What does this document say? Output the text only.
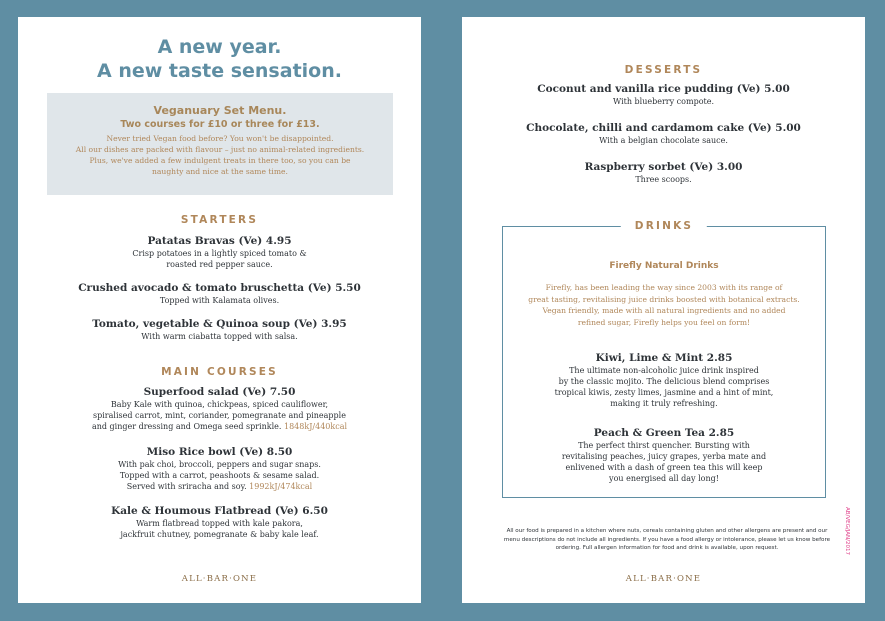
A new year.
A new taste sensation.
Veganuary Set Menu.
Two courses for £10 or three for £13.
Never tried Vegan food before? You won't be disappointed.
All our dishes are packed with flavour – just no animal-related ingredients.
Plus, we've added a few indulgent treats in there too, so you can be
naughty and nice at the same time.
STARTERS
Patatas Bravas (Ve) 4.95
Crisp potatoes in a lightly spiced tomato &
roasted red pepper sauce.
Crushed avocado & tomato bruschetta (Ve) 5.50
Topped with Kalamata olives.
Tomato, vegetable & Quinoa soup (Ve) 3.95
With warm ciabatta topped with salsa.
MAIN COURSES
Superfood salad (Ve) 7.50
Baby Kale with quinoa, chickpeas, spiced cauliflower,
spiralised carrot, mint, coriander, pomegranate and pineapple
and ginger dressing and Omega seed sprinkle. 1848kJ/440kcal
Miso Rice bowl (Ve) 8.50
With pak choi, broccoli, peppers and sugar snaps.
Topped with a carrot, peashoots & sesame salad.
Served with sriracha and soy. 1992kJ/474kcal
Kale & Houmous Flatbread (Ve) 6.50
Warm flatbread topped with kale pakora,
jackfruit chutney, pomegranate & baby kale leaf.
ALL·BAR·ONE
DESSERTS
Coconut and vanilla rice pudding (Ve) 5.00
With blueberry compote.
Chocolate, chilli and cardamom cake (Ve) 5.00
With a belgian chocolate sauce.
Raspberry sorbet (Ve) 3.00
Three scoops.
DRINKS
Firefly Natural Drinks
Firefly, has been leading the way since 2003 with its range of
great tasting, revitalising juice drinks boosted with botanical extracts.
Vegan friendly, made with all natural ingredients and no added
refined sugar, Firefly helps you feel on form!
Kiwi, Lime & Mint 2.85
The ultimate non-alcoholic juice drink inspired
by the classic mojito. The delicious blend comprises
tropical kiwis, zesty limes, jasmine and a hint of mint,
making it truly refreshing.
Peach & Green Tea 2.85
The perfect thirst quencher. Bursting with
revitalising peaches, juicy grapes, yerba mate and
enlivened with a dash of green tea this will keep
you energised all day long!
All our food is prepared in a kitchen where nuts, cereals containing gluten and other allergens are present and our
menu descriptions do not include all ingredients. If you have a food allergy or intolerance, please let us know before
ordering. Full allergen information for food and drink is available, upon request.	AB/VEG/JAN/2017
ALL·BAR·ONE
